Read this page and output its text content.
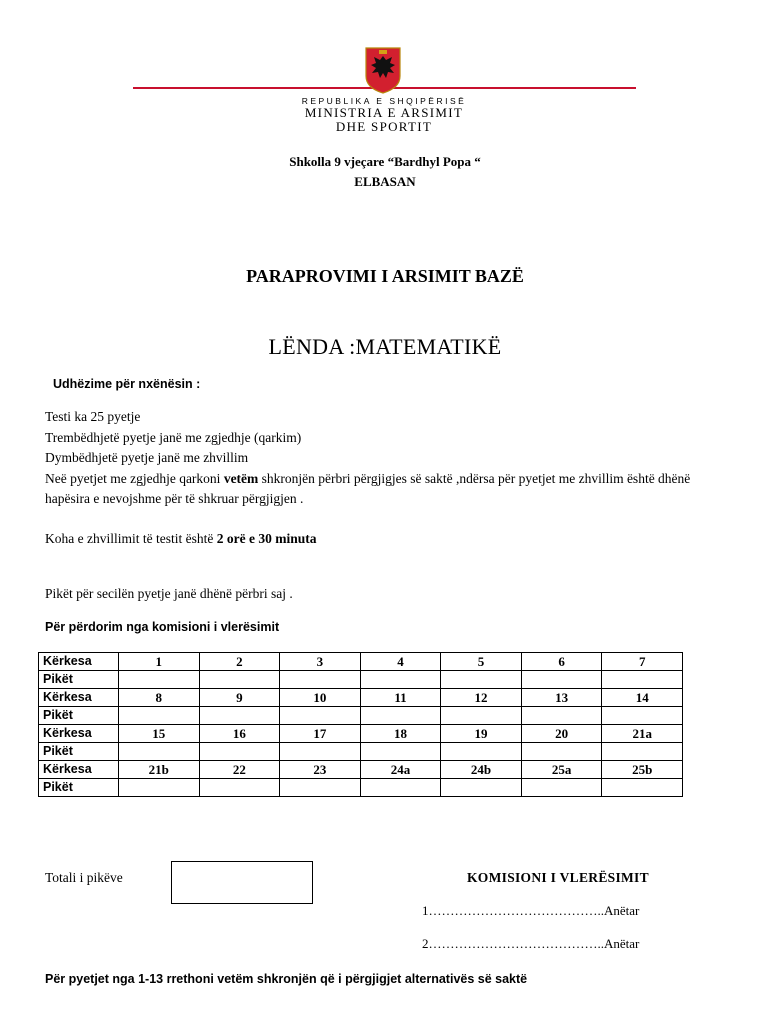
REPUBLIKA E SHQIPËRISË
MINISTRIA E ARSIMIT
DHE SPORTIT
Shkolla 9 vjeçare “Bardhyl Popa “
ELBASAN
PARAPROVIMI I ARSIMIT BAZË
LËNDA :MATEMATIKË
Udhëzime për nxënësin :
Testi ka 25 pyetje
Trembëdhjetë pyetje janë me zgjedhje (qarkim)
Dymbëdhjetë pyetje janë me zhvillim
Neë pyetjet me zgjedhje qarkoni vetëm shkronjën përbri përgjigjes së saktë ,ndërsa për pyetjet me zhvillim është dhënë hapësira e nevojshme për të shkruar përgjigjen .
Koha e zhvillimit të testit është 2 orë e 30 minuta
Pikët për secilën pyetje janë dhënë përbri saj .
Për përdorim nga komisioni i vlerësimit
Kërkesa	1	2	3	4	5	6	7
Pikët							
Kërkesa	8	9	10	11	12	13	14
Pikët							
Kërkesa	15	16	17	18	19	20	21a
Pikët							
Kërkesa	21b	22	23	24a	24b	25a	25b
Pikët							
Totali i pikëve	KOMISIONI I VLERËSIMIT
1…………………………………..Anëtar
2…………………………………..Anëtar
Për pyetjet nga 1-13 rrethoni vetëm shkronjën që i përgjigjet alternativës së saktë
